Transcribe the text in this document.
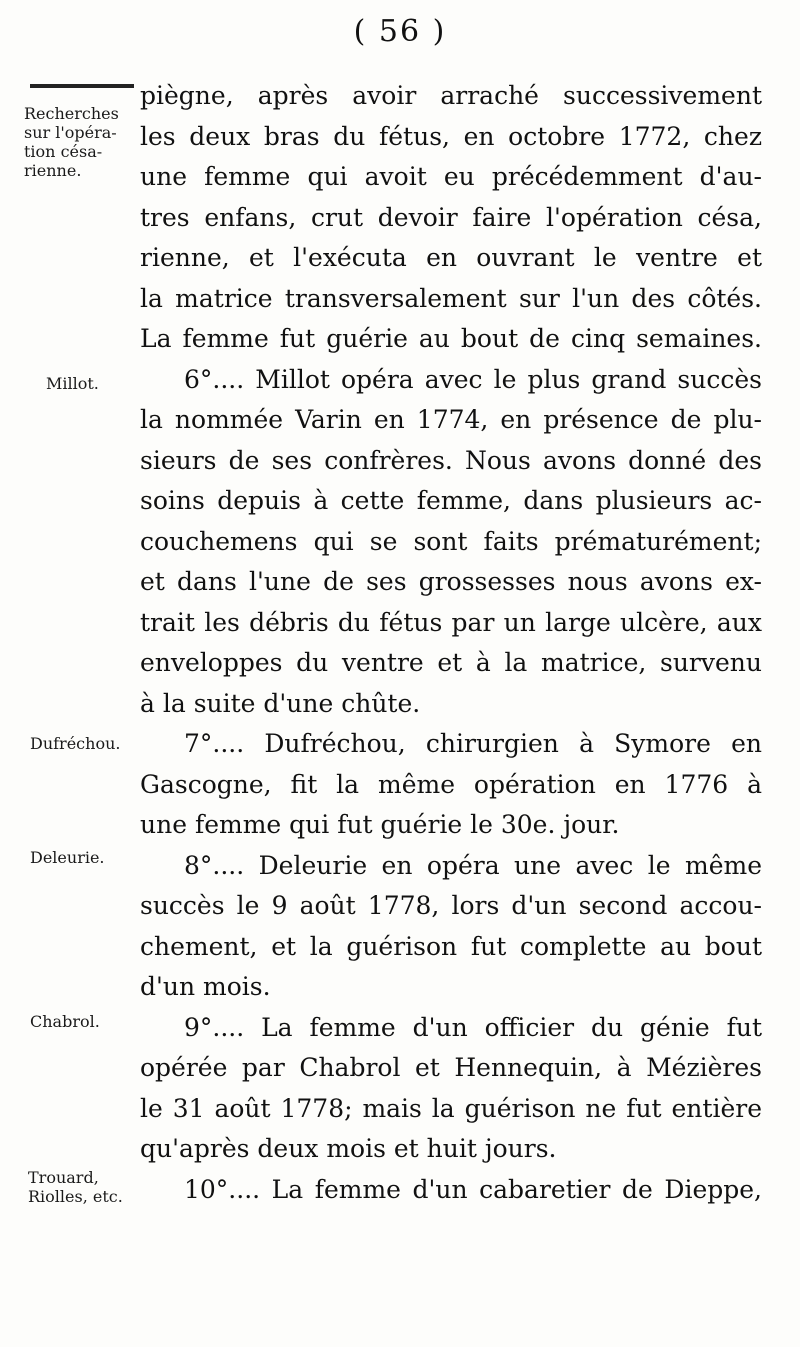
( 56 )
Recherches
sur l'opéra-
tion césa-
rienne.
Millot.
Dufréchou.
Deleurie.
Chabrol.
Trouard,
Riolles, etc.
piègne, après avoir arraché successivement
les deux bras du fétus, en octobre 1772, chez
une femme qui avoit eu précédemment d'au-
tres enfans, crut devoir faire l'opération césa,
rienne, et l'exécuta en ouvrant le ventre et
la matrice transversalement sur l'un des côtés.
La femme fut guérie au bout de cinq semaines.
6°.... Millot opéra avec le plus grand succès
la nommée Varin en 1774, en présence de plu-
sieurs de ses confrères. Nous avons donné des
soins depuis à cette femme, dans plusieurs ac-
couchemens qui se sont faits prématurément;
et dans l'une de ses grossesses nous avons ex-
trait les débris du fétus par un large ulcère, aux
enveloppes du ventre et à la matrice, survenu
à la suite d'une chûte.
7°.... Dufréchou, chirurgien à Symore en
Gascogne, fit la même opération en 1776 à
une femme qui fut guérie le 30e. jour.
8°.... Deleurie en opéra une avec le même
succès le 9 août 1778, lors d'un second accou-
chement, et la guérison fut complette au bout
d'un mois.
9°.... La femme d'un officier du génie fut
opérée par Chabrol et Hennequin, à Mézières
le 31 août 1778; mais la guérison ne fut entière
qu'après deux mois et huit jours.
10°.... La femme d'un cabaretier de Dieppe,
